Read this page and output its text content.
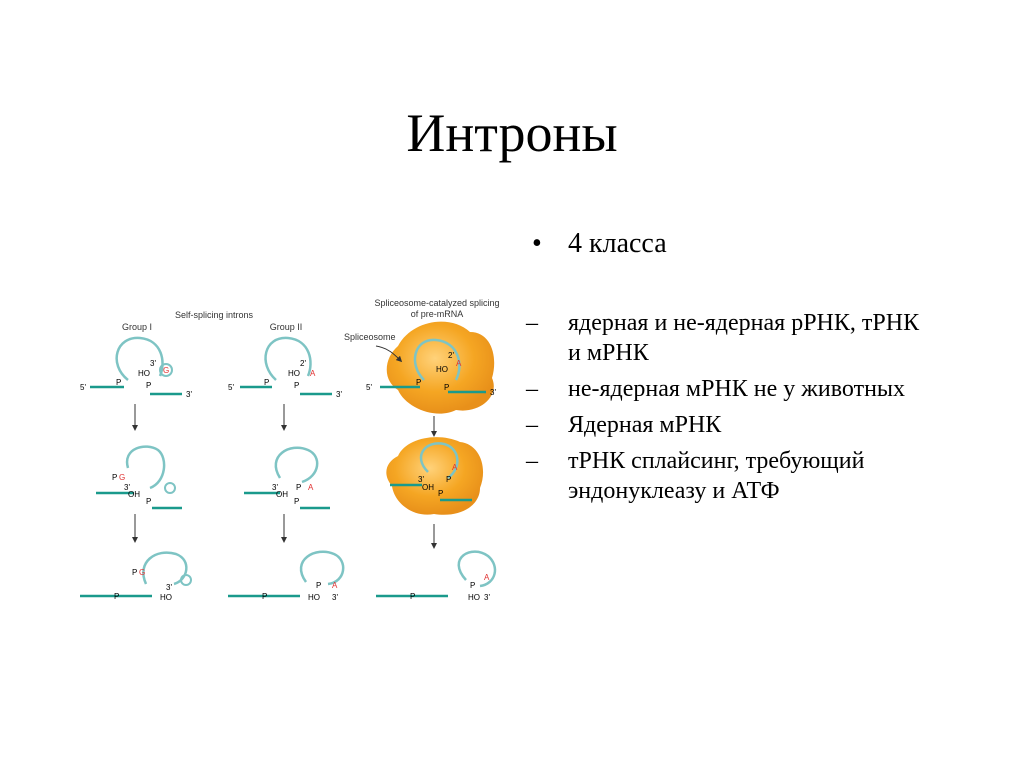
Интроны
• 4 класса
–	ядерная и не-ядерная рРНК, тРНК и мРНК
–	не-ядерная мРНК не у животных
–	Ядерная мРНК
–	тРНК сплайсинг, требующий эндонуклеазу и АТФ
Self-splicing introns
Group I	Group II
Spliceosome-catalyzed splicing
of pre-mRNA
5'
3'
P	P
3'
HO G
P G
3'
OH
P
P
P G
3'
HO
5'
3'
P	P
2'
HO A
3'
OH
P A
P
P
P A
HO 3'
5'
3'
P
P
2'
A
HO
Spliceosome
3'
OH
P
A
P
P
P
A
HO 3'
